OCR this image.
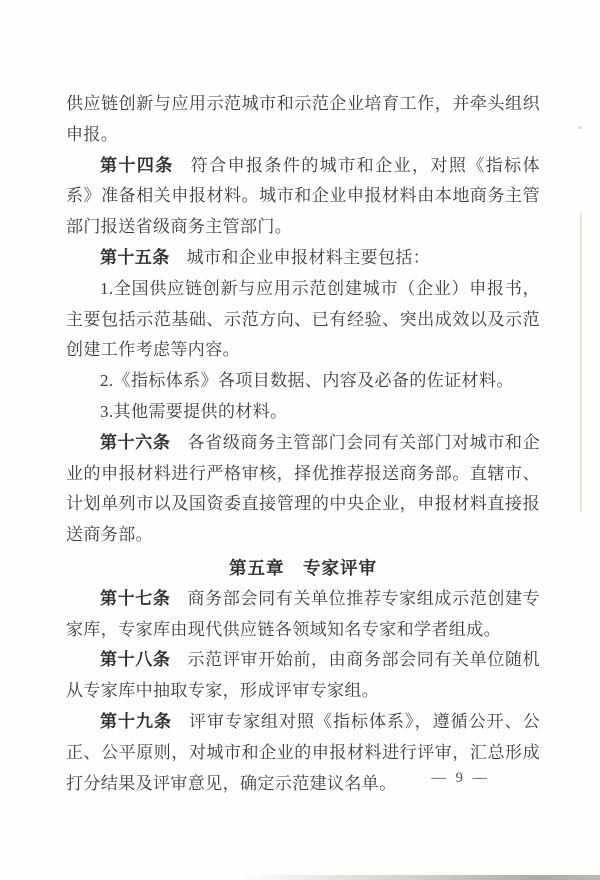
供应链创新与应用示范城市和示范企业培育工作，并牵头组织申报。

第十四条 符合申报条件的城市和企业，对照《指标体系》准备相关申报材料。城市和企业申报材料由本地商务主管部门报送省级商务主管部门。

第十五条 城市和企业申报材料主要包括：

1.全国供应链创新与应用示范创建城市（企业）申报书，主要包括示范基础、示范方向、已有经验、突出成效以及示范创建工作考虑等内容。

2.《指标体系》各项目数据、内容及必备的佐证材料。

3.其他需要提供的材料。

第十六条 各省级商务主管部门会同有关部门对城市和企业的申报材料进行严格审核，择优推荐报送商务部。直辖市、计划单列市以及国资委直接管理的中央企业，申报材料直接报送商务部。

第五章　专家评审

第十七条 商务部会同有关单位推荐专家组成示范创建专家库，专家库由现代供应链各领域知名专家和学者组成。

第十八条 示范评审开始前，由商务部会同有关单位随机从专家库中抽取专家，形成评审专家组。

第十九条 评审专家组对照《指标体系》，遵循公开、公正、公平原则，对城市和企业的申报材料进行评审，汇总形成打分结果及评审意见，确定示范建议名单。	— 9 —
